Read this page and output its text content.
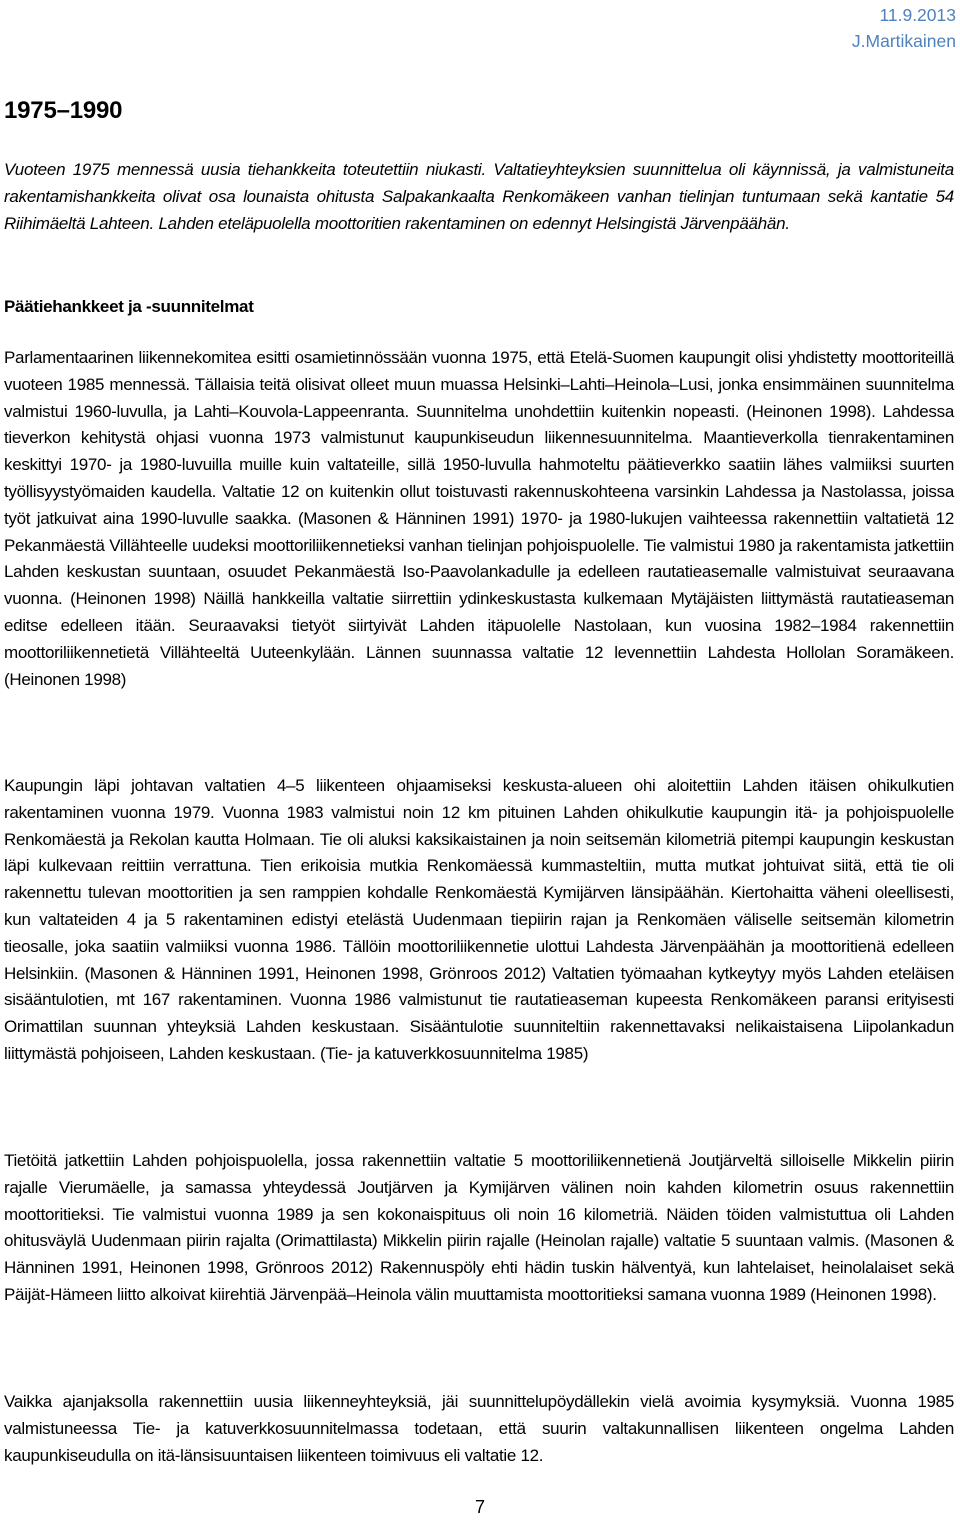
11.9.2013
J.Martikainen
1975–1990

Vuoteen 1975 mennessä uusia tiehankkeita toteutettiin niukasti. Valtatieyhteyksien suunnittelua oli käynnissä, ja valmistuneita rakentamishankkeita olivat osa lounaista ohitusta Salpakankaalta Renkomäkeen vanhan tielinjan tuntumaan sekä kantatie 54 Riihimäeltä Lahteen. Lahden eteläpuolella moottoritien rakentaminen on edennyt Helsingistä Järvenpäähän.

Päätiehankkeet ja -suunnitelmat

Parlamentaarinen liikennekomitea esitti osamietinnössään vuonna 1975, että Etelä-Suomen kaupungit olisi yhdistetty moottoriteillä vuoteen 1985 mennessä. Tällaisia teitä olisivat olleet muun muassa Helsinki–Lahti–Heinola–Lusi, jonka ensimmäinen suunnitelma valmistui 1960-luvulla, ja Lahti–Kouvola-Lappeenranta. Suunnitelma unohdettiin kuitenkin nopeasti. (Heinonen 1998). Lahdessa tieverkon kehitystä ohjasi vuonna 1973 valmistunut kaupunkiseudun liikennesuunnitelma. Maantieverkolla tienrakentaminen keskittyi 1970- ja 1980-luvuilla muille kuin valtateille, sillä 1950-luvulla hahmoteltu päätieverkko saatiin lähes valmiiksi suurten työllisyystyömaiden kaudella. Valtatie 12 on kuitenkin ollut toistuvasti rakennuskohteena varsinkin Lahdessa ja Nastolassa, joissa työt jatkuivat aina 1990-luvulle saakka. (Masonen & Hänninen 1991) 1970- ja 1980-lukujen vaihteessa rakennettiin valtatietä 12 Pekanmäestä Villähteelle uudeksi moottoriliikennetieksi vanhan tielinjan pohjoispuolelle. Tie valmistui 1980 ja rakentamista jatkettiin Lahden keskustan suuntaan, osuudet Pekanmäestä Iso-Paavolankadulle ja edelleen rautatieasemalle valmistuivat seuraavana vuonna. (Heinonen 1998) Näillä hankkeilla valtatie siirrettiin ydinkeskustasta kulkemaan Mytäjäisten liittymästä rautatieaseman editse edelleen itään. Seuraavaksi tietyöt siirtyivät Lahden itäpuolelle Nastolaan, kun vuosina 1982–1984 rakennettiin moottoriliikennetietä Villähteeltä Uuteenkylään. Lännen suunnassa valtatie 12 levennettiin Lahdesta Hollolan Soramäkeen. (Heinonen 1998)

Kaupungin läpi johtavan valtatien 4–5 liikenteen ohjaamiseksi keskusta-alueen ohi aloitettiin Lahden itäisen ohikulkutien rakentaminen vuonna 1979. Vuonna 1983 valmistui noin 12 km pituinen Lahden ohikulkutie kaupungin itä- ja pohjoispuolelle Renkomäestä ja Rekolan kautta Holmaan. Tie oli aluksi kaksikaistainen ja noin seitsemän kilometriä pitempi kaupungin keskustan läpi kulkevaan reittiin verrattuna. Tien erikoisia mutkia Renkomäessä kummasteltiin, mutta mutkat johtuivat siitä, että tie oli rakennettu tulevan moottoritien ja sen ramppien kohdalle Renkomäestä Kymijärven länsipäähän. Kiertohaitta väheni oleellisesti, kun valtateiden 4 ja 5 rakentaminen edistyi etelästä Uudenmaan tiepiirin rajan ja Renkomäen väliselle seitsemän kilometrin tieosalle, joka saatiin valmiiksi vuonna 1986. Tällöin moottoriliikennetie ulottui Lahdesta Järvenpäähän ja moottoritienä edelleen Helsinkiin. (Masonen & Hänninen 1991, Heinonen 1998, Grönroos 2012) Valtatien työmaahan kytkeytyy myös Lahden eteläisen sisääntulotien, mt 167 rakentaminen. Vuonna 1986 valmistunut tie rautatieaseman kupeesta Renkomäkeen paransi erityisesti Orimattilan suunnan yhteyksiä Lahden keskustaan. Sisääntulotie suunniteltiin rakennettavaksi nelikaistaisena Liipolankadun liittymästä pohjoiseen, Lahden keskustaan. (Tie- ja katuverkkosuunnitelma 1985)

Tietöitä jatkettiin Lahden pohjoispuolella, jossa rakennettiin valtatie 5 moottoriliikennetienä Joutjärveltä silloiselle Mikkelin piirin rajalle Vierumäelle, ja samassa yhteydessä Joutjärven ja Kymijärven välinen noin kahden kilometrin osuus rakennettiin moottoritieksi. Tie valmistui vuonna 1989 ja sen kokonaispituus oli noin 16 kilometriä. Näiden töiden valmistuttua oli Lahden ohitusväylä Uudenmaan piirin rajalta (Orimattilasta) Mikkelin piirin rajalle (Heinolan rajalle) valtatie 5 suuntaan valmis. (Masonen & Hänninen 1991, Heinonen 1998, Grönroos 2012) Rakennuspöly ehti hädin tuskin hälventyä, kun lahtelaiset, heinolalaiset sekä Päijät-Hämeen liitto alkoivat kiirehtiä Järvenpää–Heinola välin muuttamista moottoritieksi samana vuonna 1989 (Heinonen 1998).

Vaikka ajanjaksolla rakennettiin uusia liikenneyhteyksiä, jäi suunnittelupöydällekin vielä avoimia kysymyksiä. Vuonna 1985 valmistuneessa Tie- ja katuverkkosuunnitelmassa todetaan, että suurin valtakunnallisen liikenteen ongelma Lahden kaupunkiseudulla on itä-länsisuuntaisen liikenteen toimivuus eli valtatie 12.

7
